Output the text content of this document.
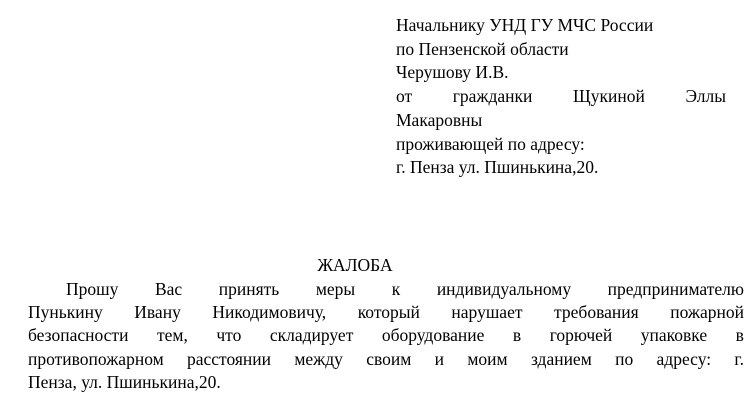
Начальнику УНД ГУ МЧС России
по Пензенской области
Черушову И.В.
от гражданки Щукиной Эллы
Макаровны
проживающей по адресу:
г. Пенза ул. Пшинькина,20.
ЖАЛОБА
Прошу Вас принять меры к индивидуальному предпринимателю
Пунькину Ивану Никодимовичу, который нарушает требования пожарной
безопасности тем, что складирует оборудование в горючей упаковке в
противопожарном расстоянии между своим и моим зданием по адресу: г.
Пенза, ул. Пшинькина,20.
